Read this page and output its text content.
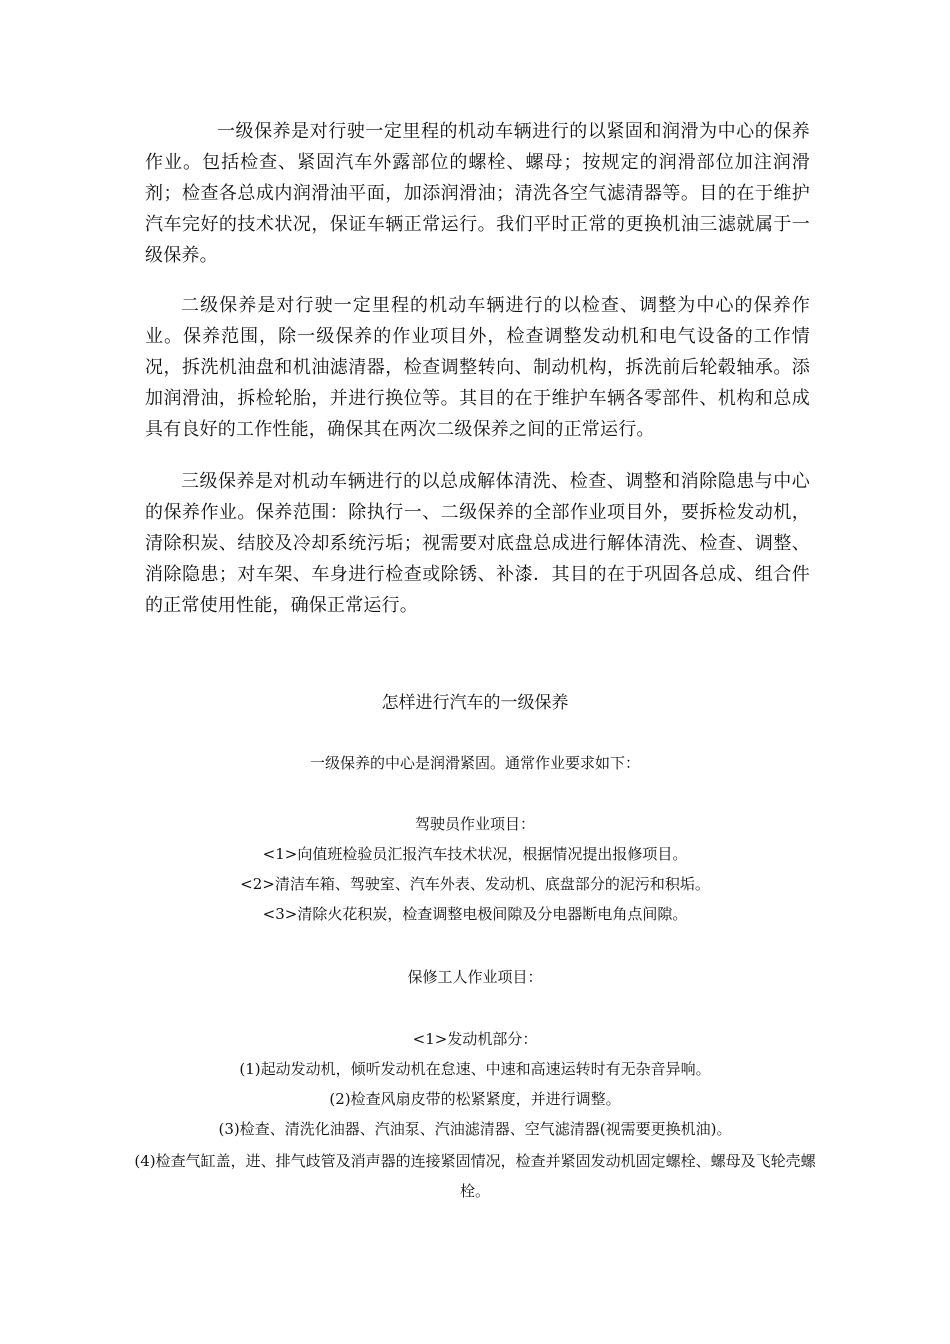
一级保养是对行驶一定里程的机动车辆进行的以紧固和润滑为中心的保养作业。包括检查、紧固汽车外露部位的螺栓、螺母；按规定的润滑部位加注润滑剂；检查各总成内润滑油平面，加添润滑油；清洗各空气滤清器等。目的在于维护汽车完好的技术状况，保证车辆正常运行。我们平时正常的更换机油三滤就属于一级保养。

二级保养是对行驶一定里程的机动车辆进行的以检查、调整为中心的保养作业。保养范围，除一级保养的作业项目外，检查调整发动机和电气设备的工作情况，拆洗机油盘和机油滤清器，检查调整转向、制动机构，拆洗前后轮毂轴承。添加润滑油，拆检轮胎，并进行换位等。其目的在于维护车辆各零部件、机构和总成具有良好的工作性能，确保其在两次二级保养之间的正常运行。

三级保养是对机动车辆进行的以总成解体清洗、检查、调整和消除隐患与中心的保养作业。保养范围：除执行一、二级保养的全部作业项目外，要拆检发动机，清除积炭、结胶及冷却系统污垢；视需要对底盘总成进行解体清洗、检查、调整、消除隐患；对车架、车身进行检查或除锈、补漆．其目的在于巩固各总成、组合件的正常使用性能，确保正常运行。

怎样进行汽车的一级保养

一级保养的中心是润滑紧固。通常作业要求如下：

驾驶员作业项目：

<1>向值班检验员汇报汽车技术状况，根据情况提出报修项目。

<2>清洁车箱、驾驶室、汽车外表、发动机、底盘部分的泥污和积垢。

<3>清除火花积炭，检查调整电极间隙及分电器断电角点间隙。

保修工人作业项目：

<1>发动机部分：

(1)起动发动机，倾听发动机在怠速、中速和高速运转时有无杂音异响。

(2)检查风扇皮带的松紧紧度，并进行调整。

(3)检查、清洗化油器、汽油泵、汽油滤清器、空气滤清器(视需要更换机油)。

(4)检查气缸盖，进、排气歧管及消声器的连接紧固情况，检查并紧固发动机固定螺栓、螺母及飞轮壳螺栓。
